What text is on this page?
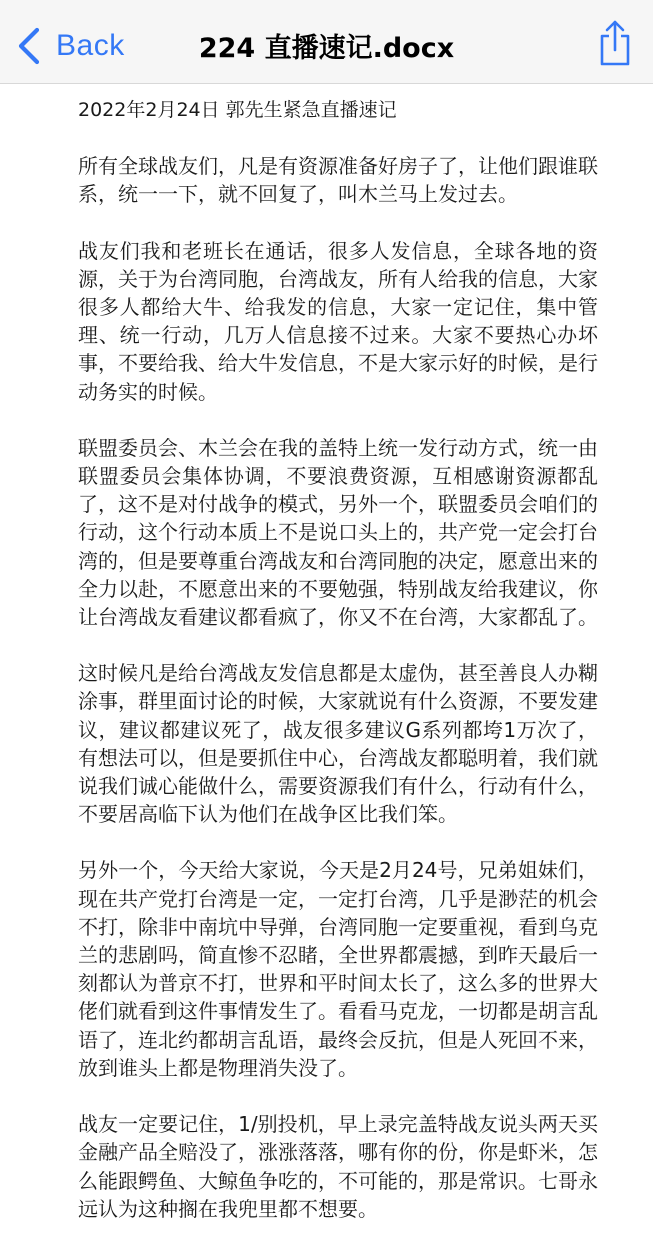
Back	224 直播速记.docx

2022年2月24日 郭先生紧急直播速记

所有全球战友们，凡是有资源准备好房子了，让他们跟谁联系，统一一下，就不回复了，叫木兰马上发过去。

战友们我和老班长在通话，很多人发信息，全球各地的资源，关于为台湾同胞，台湾战友，所有人给我的信息，大家很多人都给大牛、给我发的信息，大家一定记住，集中管理、统一行动，几万人信息接不过来。大家不要热心办坏事，不要给我、给大牛发信息，不是大家示好的时候，是行动务实的时候。

联盟委员会、木兰会在我的盖特上统一发行动方式，统一由联盟委员会集体协调，不要浪费资源，互相感谢资源都乱了，这不是对付战争的模式，另外一个，联盟委员会咱们的行动，这个行动本质上不是说口头上的，共产党一定会打台湾的，但是要尊重台湾战友和台湾同胞的决定，愿意出来的全力以赴，不愿意出来的不要勉强，特别战友给我建议，你让台湾战友看建议都看疯了，你又不在台湾，大家都乱了。

这时候凡是给台湾战友发信息都是太虚伪，甚至善良人办糊涂事，群里面讨论的时候，大家就说有什么资源，不要发建议，建议都建议死了，战友很多建议G系列都垮1万次了，有想法可以，但是要抓住中心，台湾战友都聪明着，我们就说我们诚心能做什么，需要资源我们有什么，行动有什么，不要居高临下认为他们在战争区比我们笨。

另外一个，今天给大家说，今天是2月24号，兄弟姐妹们，现在共产党打台湾是一定，一定打台湾，几乎是渺茫的机会不打，除非中南坑中导弹，台湾同胞一定要重视，看到乌克兰的悲剧吗，简直惨不忍睹，全世界都震撼，到昨天最后一刻都认为普京不打，世界和平时间太长了，这么多的世界大佬们就看到这件事情发生了。看看马克龙，一切都是胡言乱语了，连北约都胡言乱语，最终会反抗，但是人死回不来，放到谁头上都是物理消失没了。

战友一定要记住，1/别投机，早上录完盖特战友说头两天买金融产品全赔没了，涨涨落落，哪有你的份，你是虾米，怎么能跟鳄鱼、大鲸鱼争吃的，不可能的，那是常识。七哥永远认为这种搁在我兜里都不想要。
